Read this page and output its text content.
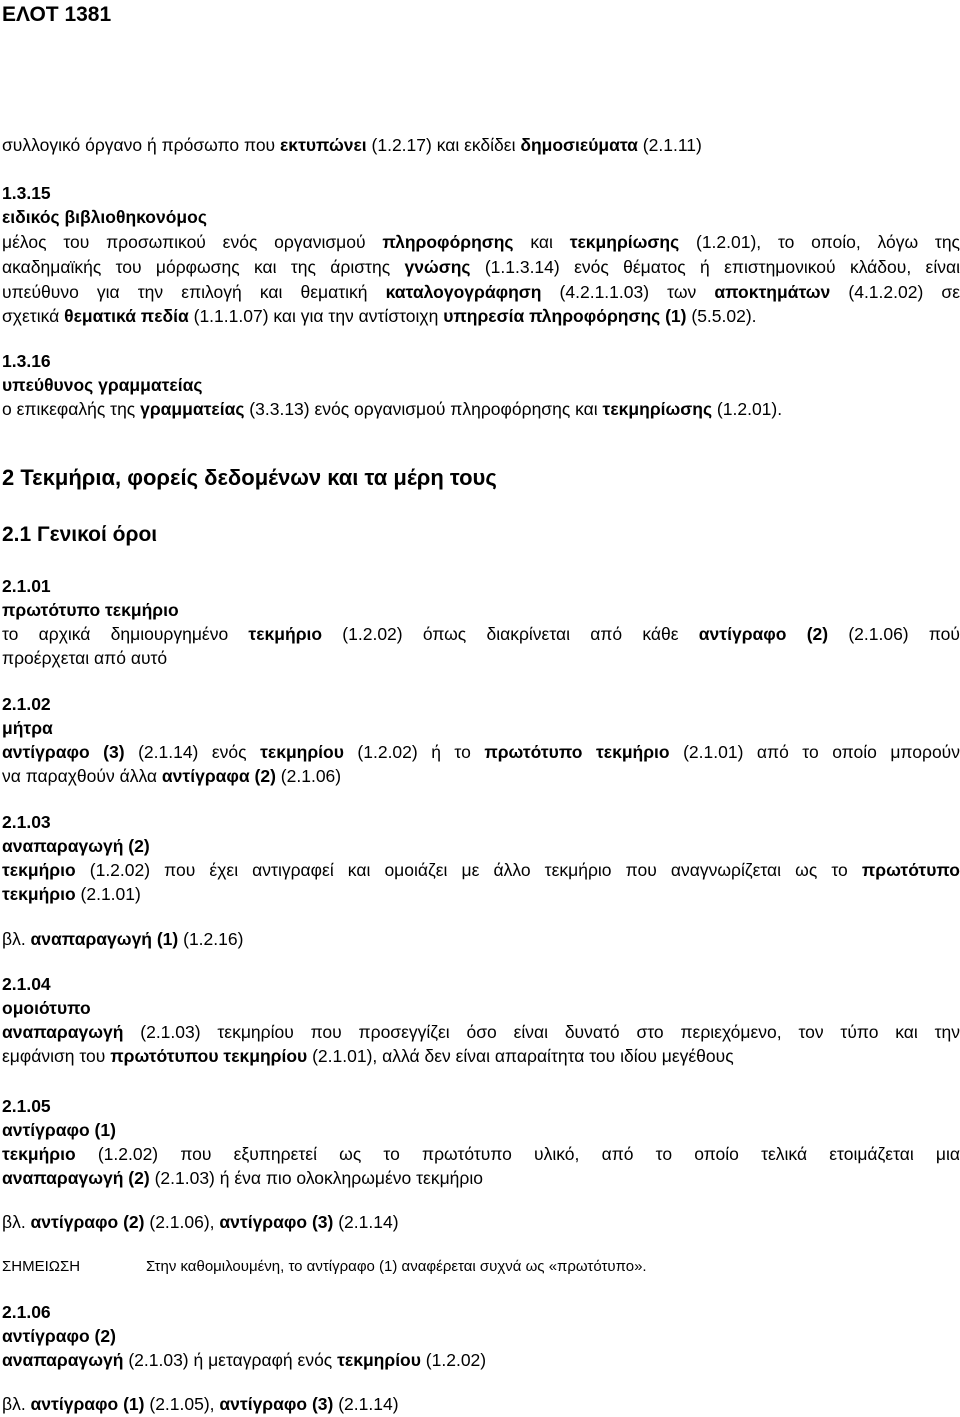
ΕΛΟΤ 1381
συλλογικό όργανο ή πρόσωπο που εκτυπώνει (1.2.17) και εκδίδει δημοσιεύματα (2.1.11)
1.3.15
ειδικός βιβλιοθηκονόμος
μέλος του προσωπικού ενός οργανισμού πληροφόρησης και τεκμηρίωσης (1.2.01), το οποίο, λόγω της
ακαδημαϊκής του μόρφωσης και της άριστης γνώσης (1.1.3.14) ενός θέματος ή επιστημονικού κλάδου, είναι
υπεύθυνο για την επιλογή και θεματική καταλογογράφηση (4.2.1.1.03) των αποκτημάτων (4.1.2.02) σε
σχετικά θεματικά πεδία (1.1.1.07) και για την αντίστοιχη υπηρεσία πληροφόρησης (1) (5.5.02).
1.3.16
υπεύθυνος γραμματείας
ο επικεφαλής της γραμματείας (3.3.13) ενός οργανισμού πληροφόρησης και τεκμηρίωσης (1.2.01).
2 Τεκμήρια, φορείς δεδομένων και τα μέρη τους
2.1 Γενικοί όροι
2.1.01
πρωτότυπο τεκμήριο
το αρχικά δημιουργημένο τεκμήριο (1.2.02) όπως διακρίνεται από κάθε αντίγραφο (2) (2.1.06) πού
προέρχεται από αυτό
2.1.02
μήτρα
αντίγραφο (3) (2.1.14) ενός τεκμηρίου (1.2.02) ή το πρωτότυπο τεκμήριο (2.1.01) από το οποίο μπορούν
να παραχθούν άλλα αντίγραφα (2) (2.1.06)
2.1.03
αναπαραγωγή (2)
τεκμήριο (1.2.02) που έχει αντιγραφεί και ομοιάζει με άλλο τεκμήριο που αναγνωρίζεται ως το πρωτότυπο
τεκμήριο (2.1.01)
βλ. αναπαραγωγή (1) (1.2.16)
2.1.04
ομοιότυπο
αναπαραγωγή (2.1.03) τεκμηρίου που προσεγγίζει όσο είναι δυνατό στο περιεχόμενο, τον τύπο και την
εμφάνιση του πρωτότυπου τεκμηρίου (2.1.01), αλλά δεν είναι απαραίτητα του ιδίου μεγέθους
2.1.05
αντίγραφο (1)
τεκμήριο (1.2.02) που εξυπηρετεί ως το πρωτότυπο υλικό, από το οποίο τελικά ετοιμάζεται μια
αναπαραγωγή (2) (2.1.03) ή ένα πιο ολοκληρωμένο τεκμήριο
βλ. αντίγραφο (2) (2.1.06), αντίγραφο (3) (2.1.14)
ΣΗΜΕΙΩΣΗ	Στην καθομιλουμένη, το αντίγραφο (1) αναφέρεται συχνά ως «πρωτότυπο».
2.1.06
αντίγραφο (2)
αναπαραγωγή (2.1.03) ή μεταγραφή ενός τεκμηρίου (1.2.02)
βλ. αντίγραφο (1) (2.1.05), αντίγραφο (3) (2.1.14)
